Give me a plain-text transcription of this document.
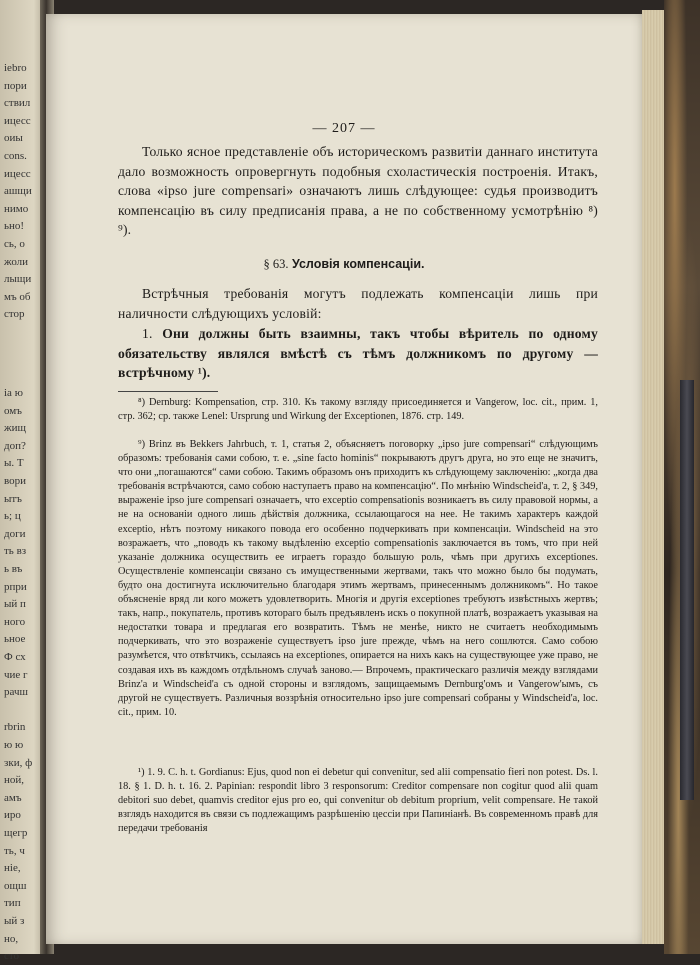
iebro
пори
ствил
ицесс
оиы
cons.
ицесс
ашщи
нимо
ьно!
сь, о
жоли
лыщи
мъ об
стор
ia ю
омъ
жищ
доп?
ы. Т
вори
ытъ
ь; ц
доги
ть вз
ь въ
рпри
ый п
ного
ьное
Ф сх
чие г
рачш
rbrin
ю ю
зки, ф
ной,
амъ
иро
щегр
ть, ч
ніе,
ощш
тип
ый з
но,
сто
— 207 —
Только ясное представленіе объ историческомъ развитіи даннаго института дало возможность опровергнуть подобныя схоластическія построенія. Итакъ, слова «ipso jure compensari» означаютъ лишь слѣдующее: судья производитъ компенсацію въ силу предписанія права, а не по собственному усмотрѣнію ⁸) ⁹).
§ 63. Условія компенсаціи.
Встрѣчныя требованія могутъ подлежать компенсаціи лишь при наличности слѣдующихъ условій:
1. Они должны быть взаимны, такъ чтобы вѣритель по одному обязательству являлся вмѣстѣ съ тѣмъ должникомъ по другому — встрѣчному ¹).
⁸) Dernburg: Kompensation, стр. 310. Къ такому взгляду присоединяется и Vangerow, loc. cit., прим. 1, стр. 362; ср. также Lenel: Ursprung und Wirkung der Exceptionen, 1876. стр. 149.
⁹) Brinz въ Bekkers Jahrbuch, т. 1, статья 2, объясняетъ поговорку „ipso jure compensari“ слѣдующимъ образомъ: требованія сами собою, т. е. „sine facto hominis“ покрываютъ другъ друга, но это еще не значитъ, что они „погашаются“ сами собою. Такимъ образомъ онъ приходитъ къ слѣдующему заключенію: „когда два требованія встрѣчаются, само собою наступаетъ право на компенсацію“. По мнѣнію Windscheid'а, т. 2, § 349, выраженіе ipso jure compensari означаетъ, что exceptio compensationis возникаетъ въ силу правовой нормы, а не на основаніи одного лишь дѣйствія должника, ссылающагося на нее. Не такимъ характеръ каждой exceptio, нѣтъ поэтому никакого повода его особенно подчеркивать при компенсаціи. Windscheid на это возражаетъ, что „поводъ къ такому выдѣленію exceptio compensationis заключается въ томъ, что при ней указаніе должника осуществить ее играетъ гораздо большую роль, чѣмъ при другихъ exceptiones. Осуществленіе компенсаціи связано съ имущественными жертвами, такъ что можно было бы подумать, будто она достигнута исключительно благодаря этимъ жертвамъ, принесеннымъ должникомъ“. Но такое объясненіе вряд ли кого можетъ удовлетворить. Многія и другія exceptiones требуютъ извѣстныхъ жертвъ; такъ, напр., покупатель, противъ котораго былъ предъявленъ искъ о покупной платѣ, возражаетъ указывая на недостатки товара и предлагая его возвратить. Тѣмъ не менѣе, никто не считаетъ необходимымъ подчеркивать, что это возраженіе существуетъ ipso jure прежде, чѣмъ на него сошлются. Само собою разумѣется, что отвѣтчикъ, ссылаясь на exceptiones, опирается на нихъ какъ на существующее уже право, не создавая ихъ въ каждомъ отдѣльномъ случаѣ заново.— Впрочемъ, практическаго различія между взглядами Brinz'а и Windscheid'а съ одной стороны и взглядомъ, защищаемымъ Dernburg'омъ и Vangerow'ымъ, съ другой не существуетъ. Различныя воззрѣнія относительно ipso jure compensari собраны у Windscheid'а, loc. cit., прим. 10.
¹) 1. 9. C. h. t. Gordianus: Ejus, quod non ei debetur qui convenitur, sed alii compensatio fieri non potest. Ds. l. 18. § 1. D. h. t. 16. 2. Papinian: respondit libro 3 responsorum: Creditor compensare non cogitur quod alii quam debitori suo debet, quamvis creditor ejus pro eo, qui convenitur ob debitum proprium, velit compensare. Не такой взглядъ находится въ связи съ подлежащимъ разрѣшенію цессіи при Папиніанѣ. Въ современномъ правѣ для передачи требованія
